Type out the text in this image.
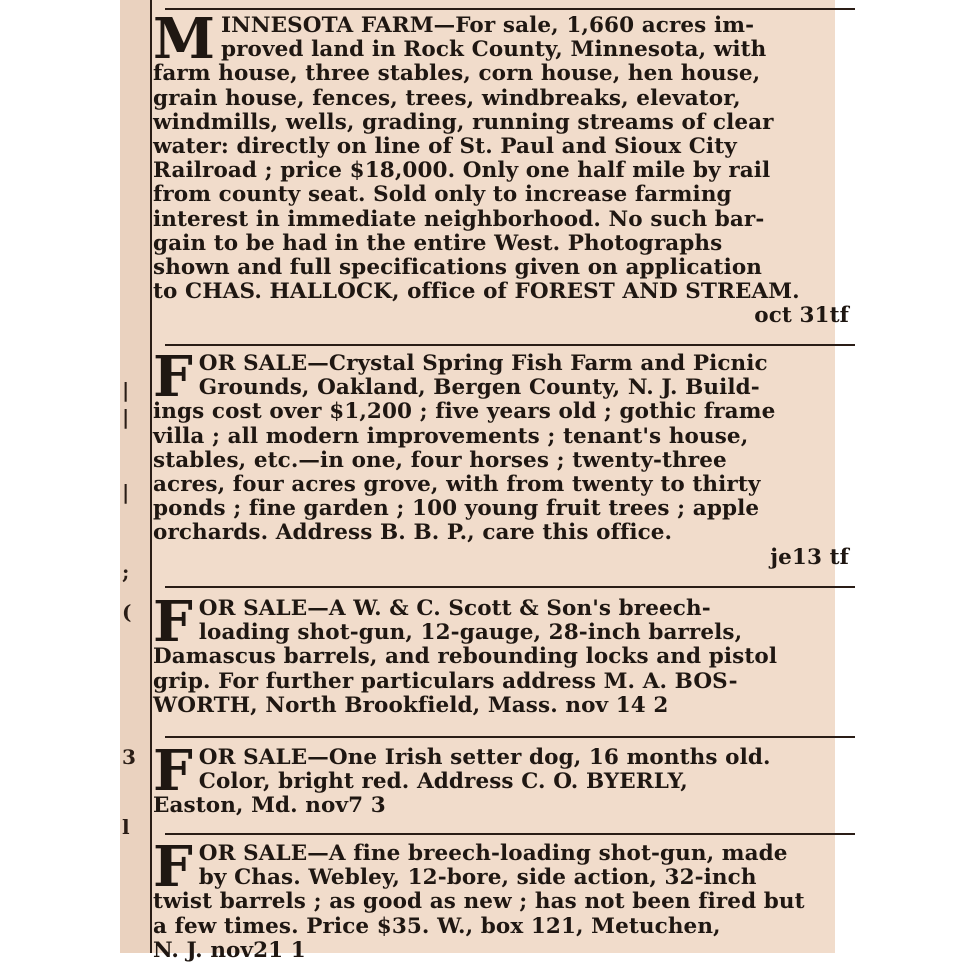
|
|
|
;
(
3
l
M INNESOTA FARM—For sale, 1,660 acres im-

proved land in Rock County, Minnesota, with

farm house, three stables, corn house, hen house,

grain house, fences, trees, windbreaks, elevator,

windmills, wells, grading, running streams of clear

water: directly on line of St. Paul and Sioux City

Railroad ; price $18,000. Only one half mile by rail

from county seat. Sold only to increase farming

interest in immediate neighborhood. No such bar-

gain to be had in the entire West. Photographs

shown and full specifications given on application

to CHAS. HALLOCK, office of FOREST AND STREAM.

oct 31tf

F OR SALE—Crystal Spring Fish Farm and Picnic

Grounds, Oakland, Bergen County, N. J. Build-

ings cost over $1,200 ; five years old ; gothic frame

villa ; all modern improvements ; tenant's house,

stables, etc.—in one, four horses ; twenty-three

acres, four acres grove, with from twenty to thirty

ponds ; fine garden ; 100 young fruit trees ; apple

orchards. Address B. B. P., care this office.

je13 tf

F OR SALE—A W. & C. Scott & Son's breech-

loading shot-gun, 12-gauge, 28-inch barrels,

Damascus barrels, and rebounding locks and pistol

grip. For further particulars address M. A. BOS-

WORTH, North Brookfield, Mass. nov 14 2

F OR SALE—One Irish setter dog, 16 months old.

Color, bright red. Address C. O. BYERLY,

Easton, Md. nov7 3

F OR SALE—A fine breech-loading shot-gun, made

by Chas. Webley, 12-bore, side action, 32-inch

twist barrels ; as good as new ; has not been fired but

a few times. Price $35. W., box 121, Metuchen,

N. J. nov21 1
